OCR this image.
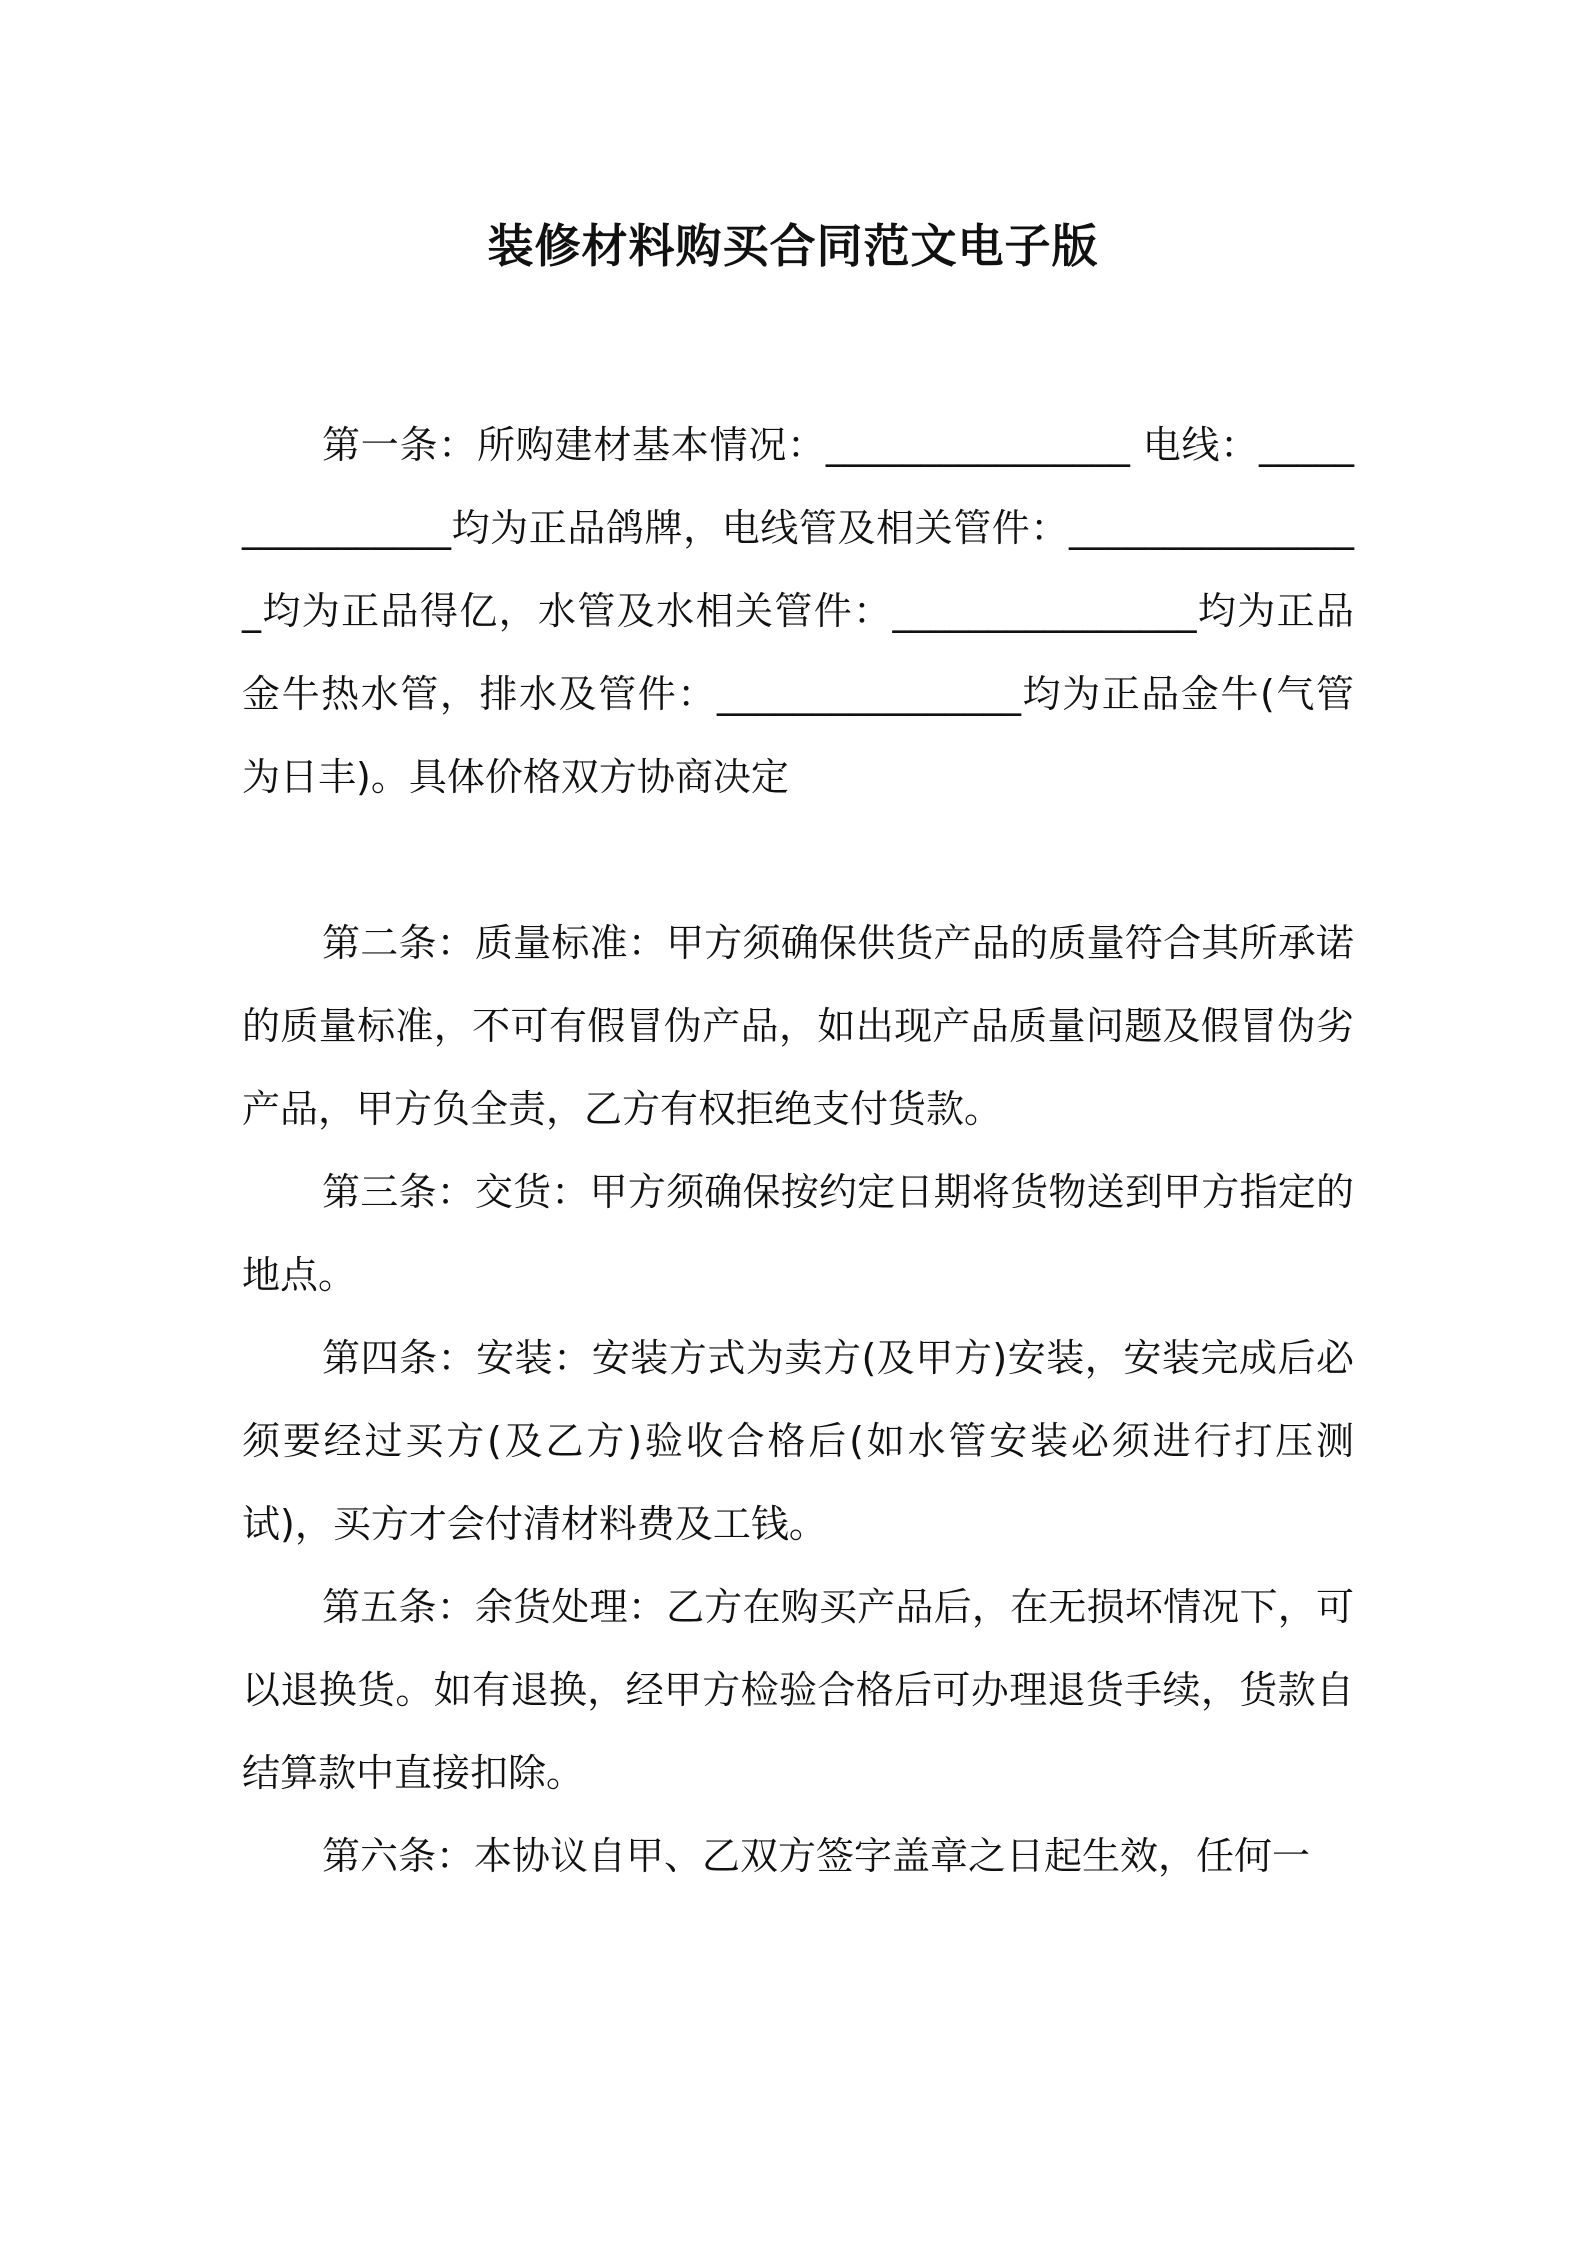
装修材料购买合同范文电子版

第一条：所购建材基本情况：________________ 电线：________________均为正品鸽牌，电线管及相关管件：________________均为正品得亿，水管及水相关管件：________________均为正品金牛热水管，排水及管件：________________均为正品金牛(气管为日丰)。具体价格双方协商决定

第二条：质量标准：甲方须确保供货产品的质量符合其所承诺的质量标准，不可有假冒伪产品，如出现产品质量问题及假冒伪劣产品，甲方负全责，乙方有权拒绝支付货款。

第三条：交货：甲方须确保按约定日期将货物送到甲方指定的地点。

第四条：安装：安装方式为卖方(及甲方)安装，安装完成后必须要经过买方(及乙方)验收合格后(如水管安装必须进行打压测试)，买方才会付清材料费及工钱。

第五条：余货处理：乙方在购买产品后，在无损坏情况下，可以退换货。如有退换，经甲方检验合格后可办理退货手续，货款自结算款中直接扣除。

第六条：本协议自甲、乙双方签字盖章之日起生效，任何一
